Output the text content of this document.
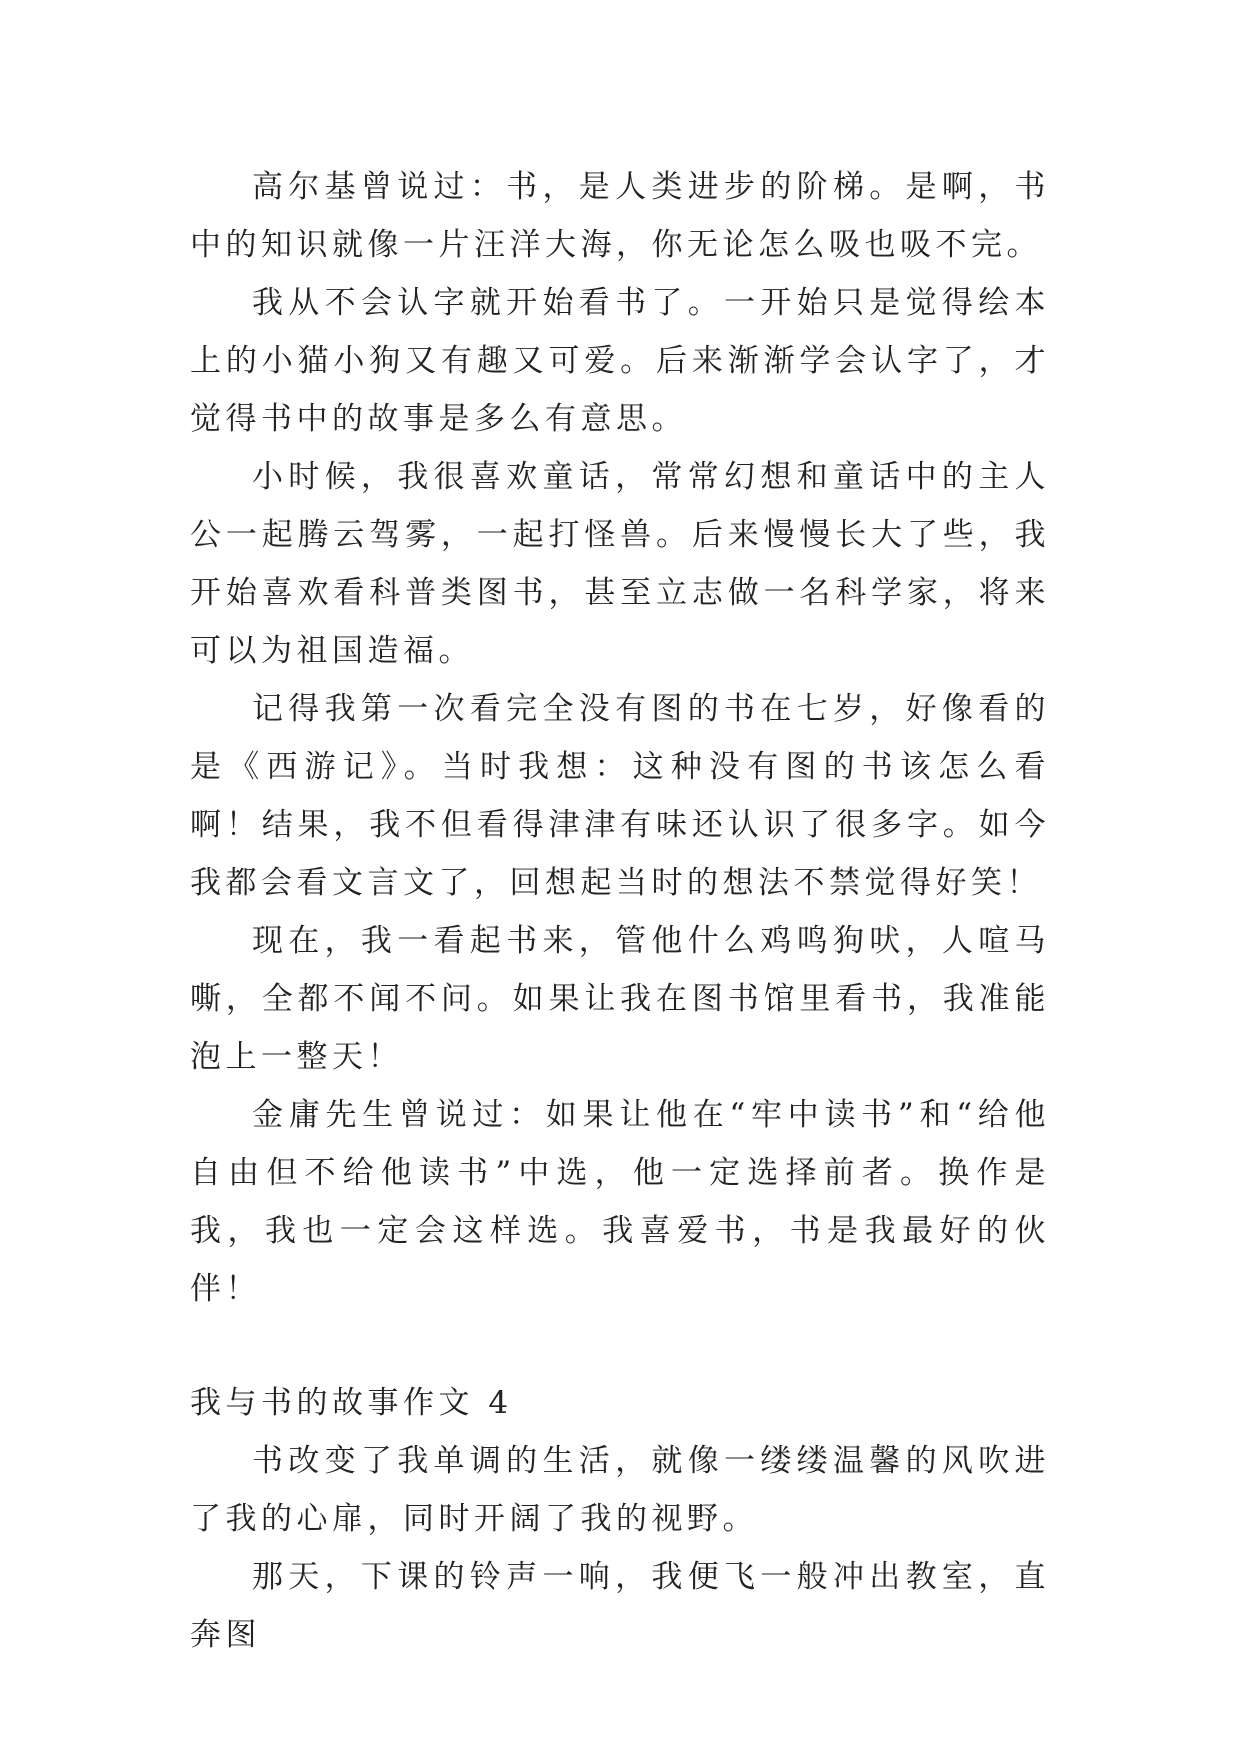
高尔基曾说过：书，是人类进步的阶梯。是啊，书中的知识就像一片汪洋大海，你无论怎么吸也吸不完。

我从不会认字就开始看书了。一开始只是觉得绘本上的小猫小狗又有趣又可爱。后来渐渐学会认字了，才觉得书中的故事是多么有意思。

小时候，我很喜欢童话，常常幻想和童话中的主人公一起腾云驾雾，一起打怪兽。后来慢慢长大了些，我开始喜欢看科普类图书，甚至立志做一名科学家，将来可以为祖国造福。

记得我第一次看完全没有图的书在七岁，好像看的是《西游记》。当时我想：这种没有图的书该怎么看啊！结果，我不但看得津津有味还认识了很多字。如今我都会看文言文了，回想起当时的想法不禁觉得好笑！

现在，我一看起书来，管他什么鸡鸣狗吠，人喧马嘶，全都不闻不问。如果让我在图书馆里看书，我准能泡上一整天！

金庸先生曾说过：如果让他在“牢中读书”和“给他自由但不给他读书”中选，他一定选择前者。换作是我，我也一定会这样选。我喜爱书，书是我最好的伙伴！

我与书的故事作文 4

书改变了我单调的生活，就像一缕缕温馨的风吹进了我的心扉，同时开阔了我的视野。

那天，下课的铃声一响，我便飞一般冲出教室，直奔图
